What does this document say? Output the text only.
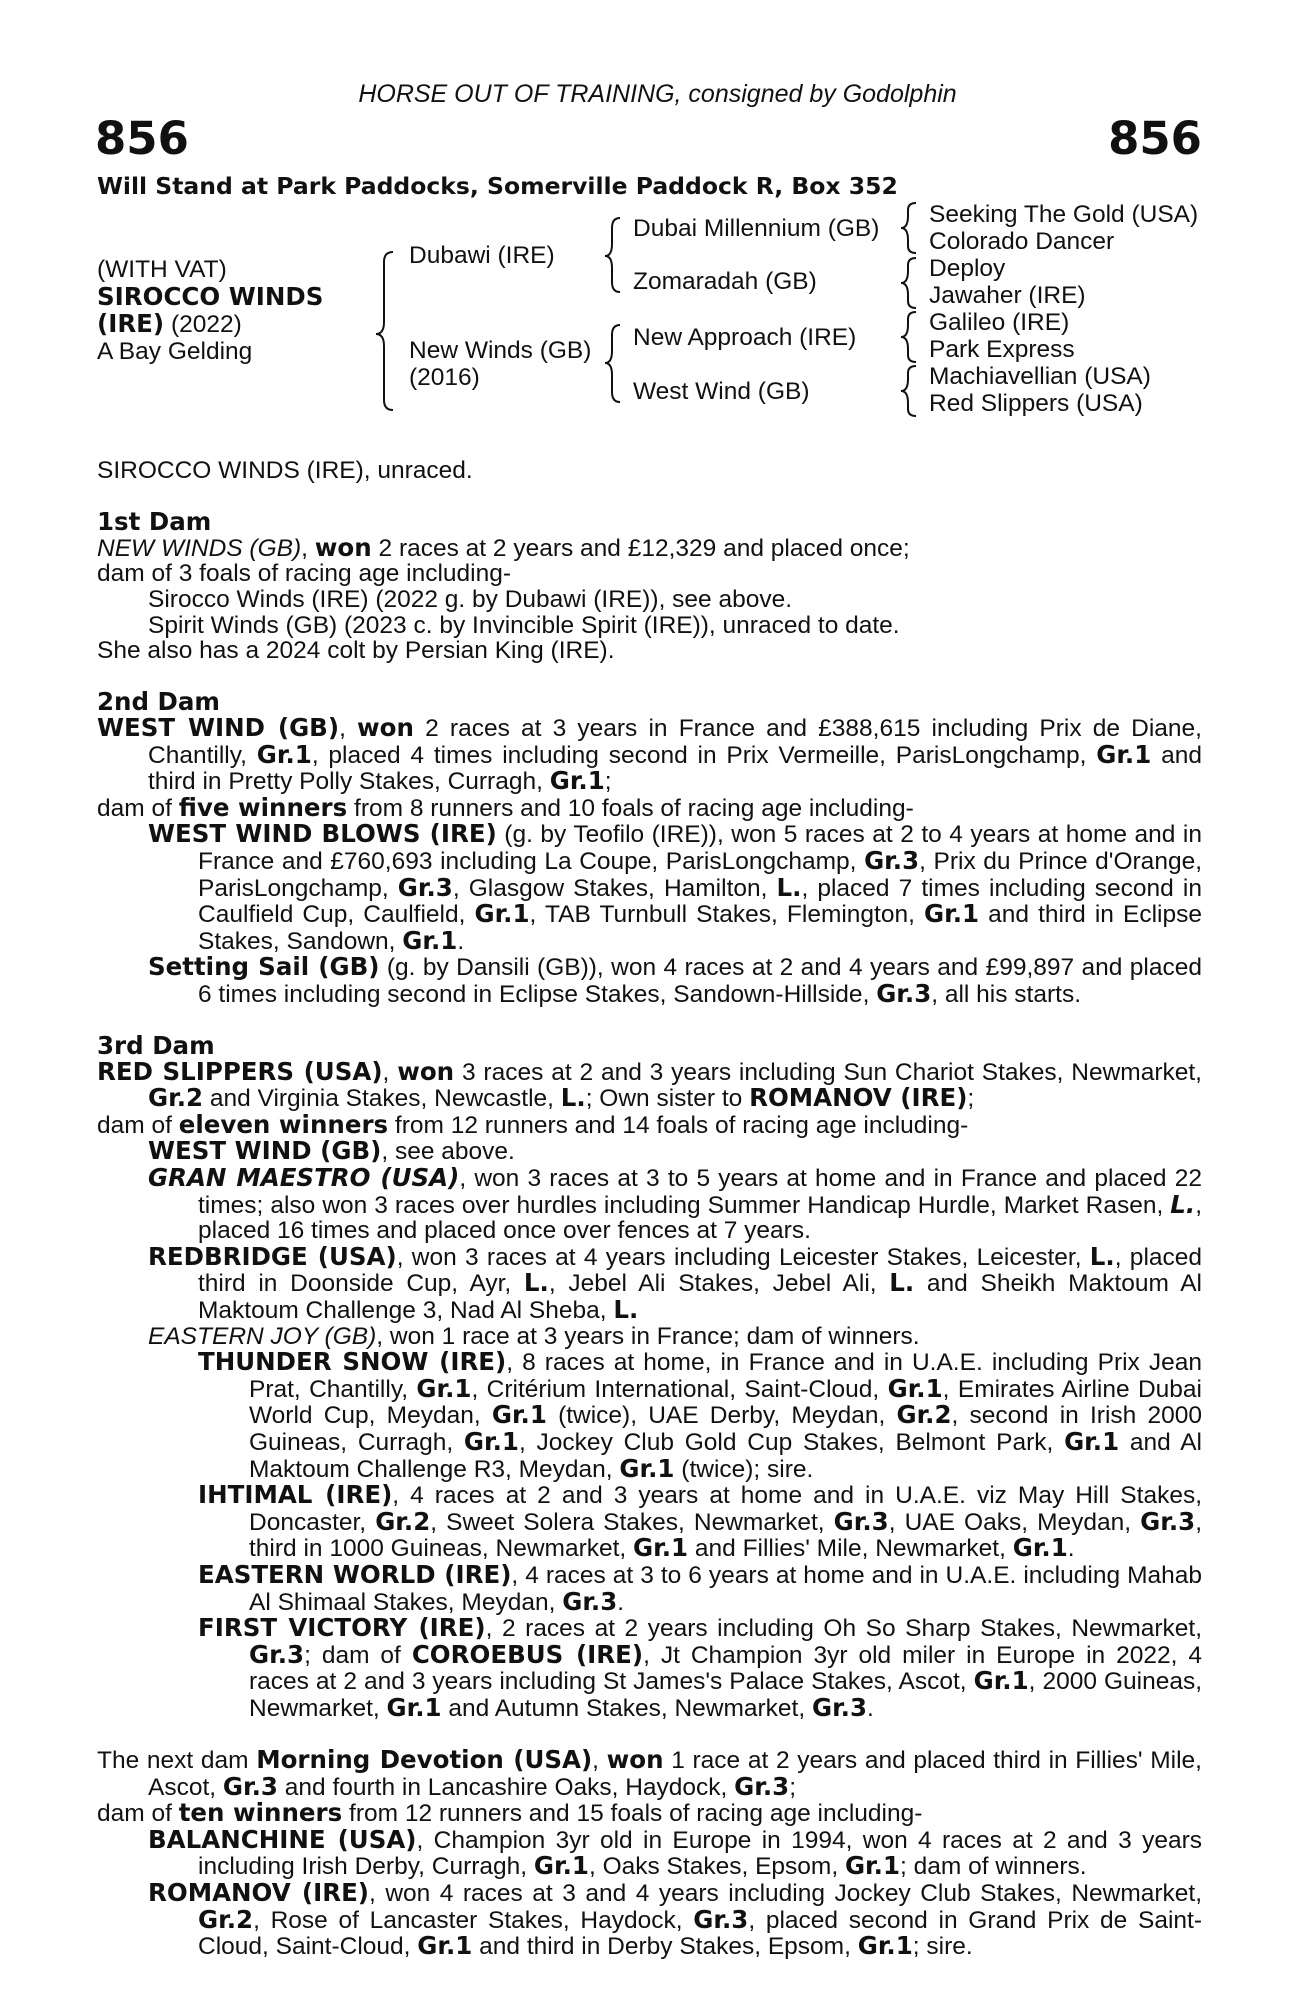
HORSE OUT OF TRAINING, consigned by Godolphin
856	856
Will Stand at Park Paddocks, Somerville Paddock R, Box 352
(WITH VAT)
SIROCCO WINDS
(IRE) (2022)
A Bay Gelding
Dubawi (IRE)
New Winds (GB)
(2016)
Dubai Millennium (GB)
Zomaradah (GB)
New Approach (IRE)
West Wind (GB)
Seeking The Gold (USA)
Colorado Dancer
Deploy
Jawaher (IRE)
Galileo (IRE)
Park Express
Machiavellian (USA)
Red Slippers (USA)

SIROCCO WINDS (IRE), unraced.

1st Dam

NEW WINDS (GB), won 2 races at 2 years and £12,329 and placed once;

dam of 3 foals of racing age including-

Sirocco Winds (IRE) (2022 g. by Dubawi (IRE)), see above.

Spirit Winds (GB) (2023 c. by Invincible Spirit (IRE)), unraced to date.

She also has a 2024 colt by Persian King (IRE).

2nd Dam

WEST WIND (GB), won 2 races at 3 years in France and £388,615 including Prix de Diane, Chantilly, Gr.1, placed 4 times including second in Prix Vermeille, ParisLongchamp, Gr.1 and third in Pretty Polly Stakes, Curragh, Gr.1;

dam of five winners from 8 runners and 10 foals of racing age including-

WEST WIND BLOWS (IRE) (g. by Teofilo (IRE)), won 5 races at 2 to 4 years at home and in France and £760,693 including La Coupe, ParisLongchamp, Gr.3, Prix du Prince d'Orange, ParisLongchamp, Gr.3, Glasgow Stakes, Hamilton, L., placed 7 times including second in Caulfield Cup, Caulfield, Gr.1, TAB Turnbull Stakes, Flemington, Gr.1 and third in Eclipse Stakes, Sandown, Gr.1.

Setting Sail (GB) (g. by Dansili (GB)), won 4 races at 2 and 4 years and £99,897 and placed 6 times including second in Eclipse Stakes, Sandown-Hillside, Gr.3, all his starts.

3rd Dam

RED SLIPPERS (USA), won 3 races at 2 and 3 years including Sun Chariot Stakes, Newmarket, Gr.2 and Virginia Stakes, Newcastle, L.; Own sister to ROMANOV (IRE);

dam of eleven winners from 12 runners and 14 foals of racing age including-

WEST WIND (GB), see above.

GRAN MAESTRO (USA), won 3 races at 3 to 5 years at home and in France and placed 22 times; also won 3 races over hurdles including Summer Handicap Hurdle, Market Rasen, L., placed 16 times and placed once over fences at 7 years.

REDBRIDGE (USA), won 3 races at 4 years including Leicester Stakes, Leicester, L., placed third in Doonside Cup, Ayr, L., Jebel Ali Stakes, Jebel Ali, L. and Sheikh Maktoum Al Maktoum Challenge 3, Nad Al Sheba, L.

EASTERN JOY (GB), won 1 race at 3 years in France; dam of winners.

THUNDER SNOW (IRE), 8 races at home, in France and in U.A.E. including Prix Jean Prat, Chantilly, Gr.1, Critérium International, Saint-Cloud, Gr.1, Emirates Airline Dubai World Cup, Meydan, Gr.1 (twice), UAE Derby, Meydan, Gr.2, second in Irish 2000 Guineas, Curragh, Gr.1, Jockey Club Gold Cup Stakes, Belmont Park, Gr.1 and Al Maktoum Challenge R3, Meydan, Gr.1 (twice); sire.

IHTIMAL (IRE), 4 races at 2 and 3 years at home and in U.A.E. viz May Hill Stakes, Doncaster, Gr.2, Sweet Solera Stakes, Newmarket, Gr.3, UAE Oaks, Meydan, Gr.3, third in 1000 Guineas, Newmarket, Gr.1 and Fillies' Mile, Newmarket, Gr.1.

EASTERN WORLD (IRE), 4 races at 3 to 6 years at home and in U.A.E. including Mahab Al Shimaal Stakes, Meydan, Gr.3.

FIRST VICTORY (IRE), 2 races at 2 years including Oh So Sharp Stakes, Newmarket, Gr.3; dam of COROEBUS (IRE), Jt Champion 3yr old miler in Europe in 2022, 4 races at 2 and 3 years including St James's Palace Stakes, Ascot, Gr.1, 2000 Guineas, Newmarket, Gr.1 and Autumn Stakes, Newmarket, Gr.3.

The next dam Morning Devotion (USA), won 1 race at 2 years and placed third in Fillies' Mile, Ascot, Gr.3 and fourth in Lancashire Oaks, Haydock, Gr.3;

dam of ten winners from 12 runners and 15 foals of racing age including-

BALANCHINE (USA), Champion 3yr old in Europe in 1994, won 4 races at 2 and 3 years including Irish Derby, Curragh, Gr.1, Oaks Stakes, Epsom, Gr.1; dam of winners.

ROMANOV (IRE), won 4 races at 3 and 4 years including Jockey Club Stakes, Newmarket, Gr.2, Rose of Lancaster Stakes, Haydock, Gr.3, placed second in Grand Prix de Saint-Cloud, Saint-Cloud, Gr.1 and third in Derby Stakes, Epsom, Gr.1; sire.
